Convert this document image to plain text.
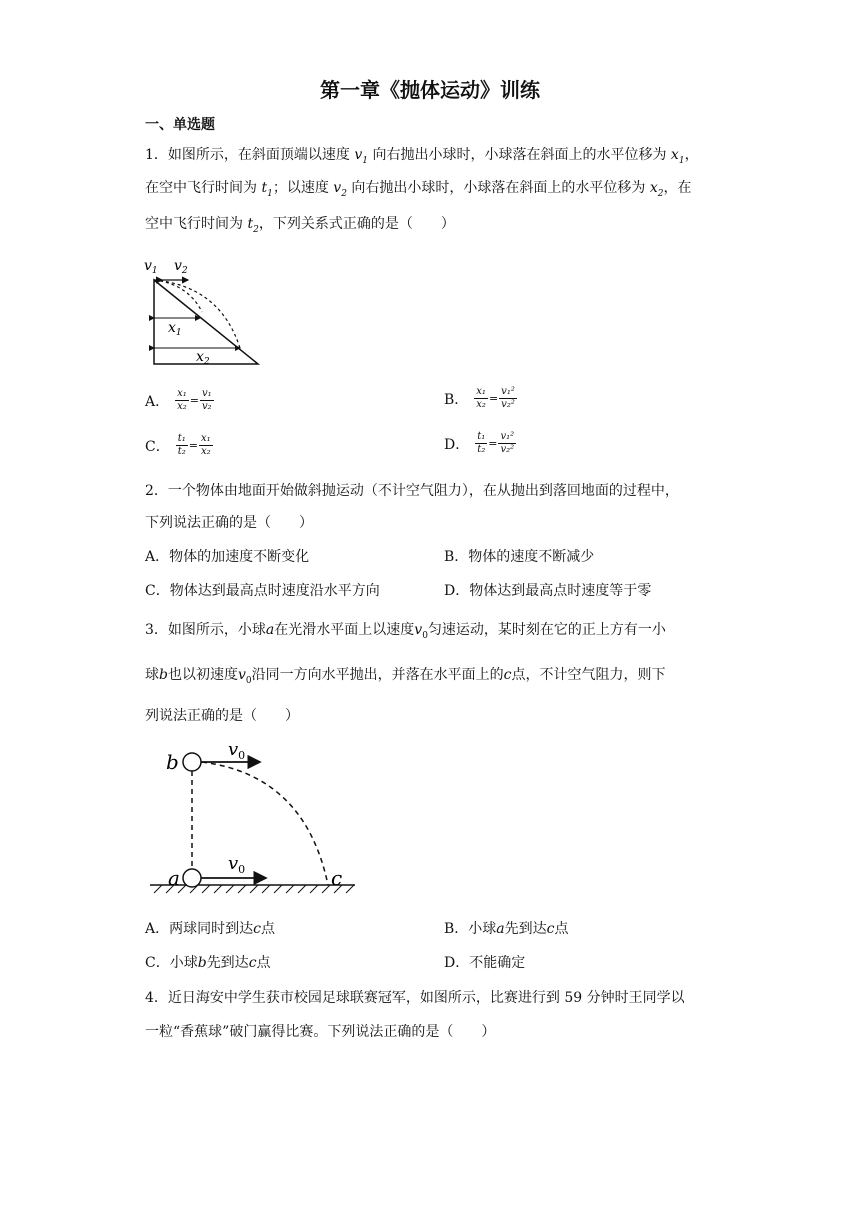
第一章《抛体运动》训练
一、单选题
1．如图所示，在斜面顶端以速度 $v_1$ 向右抛出小球时，小球落在斜面上的水平位移为 $x_1$，
在空中飞行时间为 $t_1$；以速度 $v_2$ 向右抛出小球时，小球落在斜面上的水平位移为 $x_2$，在
空中飞行时间为 $t_2$，下列关系式正确的是（　　）
$v_1$ $v_2$
$x_1$
$x_2$
A． $\frac{\text{x₁}}{\text{x₂}} = \frac{\text{v₁}}{\text{v₂}}$	B． $\frac{\text{x₁}}{\text{x₂}} = \frac{\text{v₁²}}{\text{v₂²}}$
C． $\frac{\text{t₁}}{\text{t₂}} = \frac{\text{x₁}}{\text{x₂}}$	D． $\frac{\text{t₁}}{\text{t₂}} = \frac{\text{v₁²}}{\text{v₂²}}$
2．一个物体由地面开始做斜抛运动（不计空气阻力），在从抛出到落回地面的过程中，
下列说法正确的是（　　）
A．物体的加速度不断变化	B．物体的速度不断减少
C．物体达到最高点时速度沿水平方向	D．物体达到最高点时速度等于零
3．如图所示，小球a在光滑水平面上以速度$v_0$匀速运动，某时刻在它的正上方有一小
球b也以初速度$v_0$沿同一方向水平抛出，并落在水平面上的c点，不计空气阻力，则下
列说法正确的是（　　）
b
a	c
$v_0$
$v_0$
A．两球同时到达c点	B．小球a先到达c点
C．小球b先到达c点	D．不能确定
4．近日海安中学生获市校园足球联赛冠军，如图所示，比赛进行到 59 分钟时王同学以
一粒“香蕉球”破门赢得比赛。下列说法正确的是（　　）
